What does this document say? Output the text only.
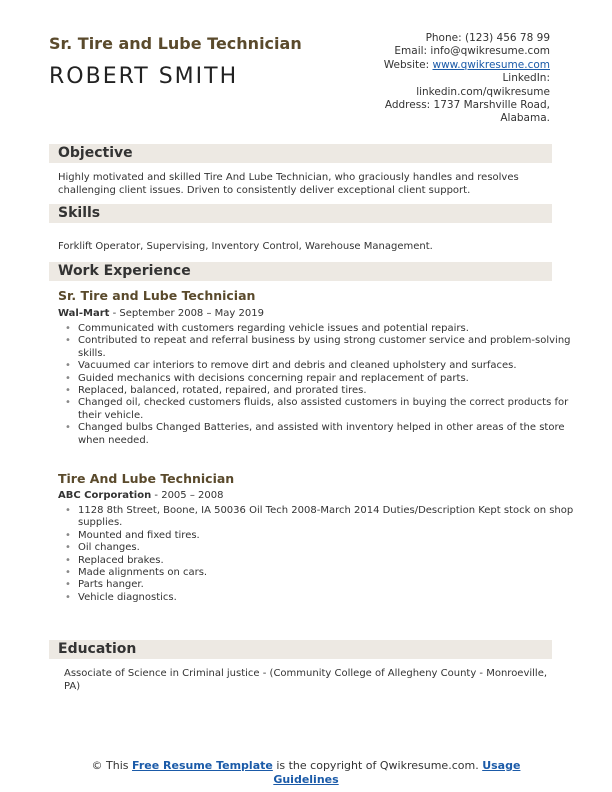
Sr. Tire and Lube Technician
ROBERT SMITH
Phone: (123) 456 78 99
Email: info@qwikresume.com
Website: www.qwikresume.com
LinkedIn:
linkedin.com/qwikresume
Address: 1737 Marshville Road,
Alabama.
Objective
Highly motivated and skilled Tire And Lube Technician, who graciously handles and resolves challenging client issues. Driven to consistently deliver exceptional client support.
Skills
Forklift Operator, Supervising, Inventory Control, Warehouse Management.
Work Experience
Sr. Tire and Lube Technician
Wal-Mart - September 2008 – May 2019
• Communicated with customers regarding vehicle issues and potential repairs.
• Contributed to repeat and referral business by using strong customer service and problem-solving skills.
• Vacuumed car interiors to remove dirt and debris and cleaned upholstery and surfaces.
• Guided mechanics with decisions concerning repair and replacement of parts.
• Replaced, balanced, rotated, repaired, and prorated tires.
• Changed oil, checked customers fluids, also assisted customers in buying the correct products for their vehicle.
• Changed bulbs Changed Batteries, and assisted with inventory helped in other areas of the store when needed.
Tire And Lube Technician
ABC Corporation - 2005 – 2008
• 1128 8th Street, Boone, IA 50036 Oil Tech 2008-March 2014 Duties/Description Kept stock on shop supplies.
• Mounted and fixed tires.
• Oil changes.
• Replaced brakes.
• Made alignments on cars.
• Parts hanger.
• Vehicle diagnostics.
Education
Associate of Science in Criminal justice - (Community College of Allegheny County - Monroeville, PA)
© This Free Resume Template is the copyright of Qwikresume.com. Usage Guidelines
